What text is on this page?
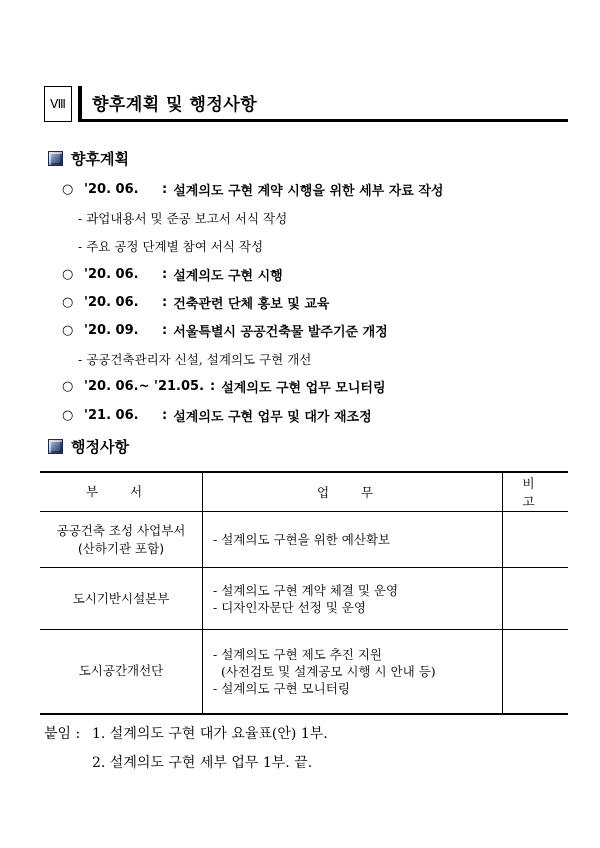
Ⅷ 향후계획 및 행정사항
향후계획
○ '20. 06.	: 설계의도 구현 계약 시행을 위한 세부 자료 작성
- 과업내용서 및 준공 보고서 서식 작성
- 주요 공정 단계별 참여 서식 작성
○ '20. 06.	: 설계의도 구현 시행
○ '20. 06.	: 건축관련 단체 홍보 및 교육
○ '20. 09.	: 서울특별시 공공건축물 발주기준 개정
- 공공건축관리자 신설, 설계의도 구현 개선
○ '20. 06.~ '21.05. : 설계의도 구현 업무 모니터링
○ '21. 06.	: 설계의도 구현 업무 및 대가 재조정
행정사항
부 서	업 무	비 고

공공건축 조성 사업부서
(산하기관 포함)	- 설계의도 구현을 위한 예산확보	

도시기반시설본부	- 설계의도 구현 계약 체결 및 운영
- 디자인자문단 선정 및 운영	

도시공간개선단	- 설계의도 구현 제도 추진 지원
(사전검토 및 설계공모 시행 시 안내 등)
- 설계의도 구현 모니터링	

붙임 : 1. 설계의도 구현 대가 요율표(안) 1부.
2. 설계의도 구현 세부 업무 1부. 끝.
